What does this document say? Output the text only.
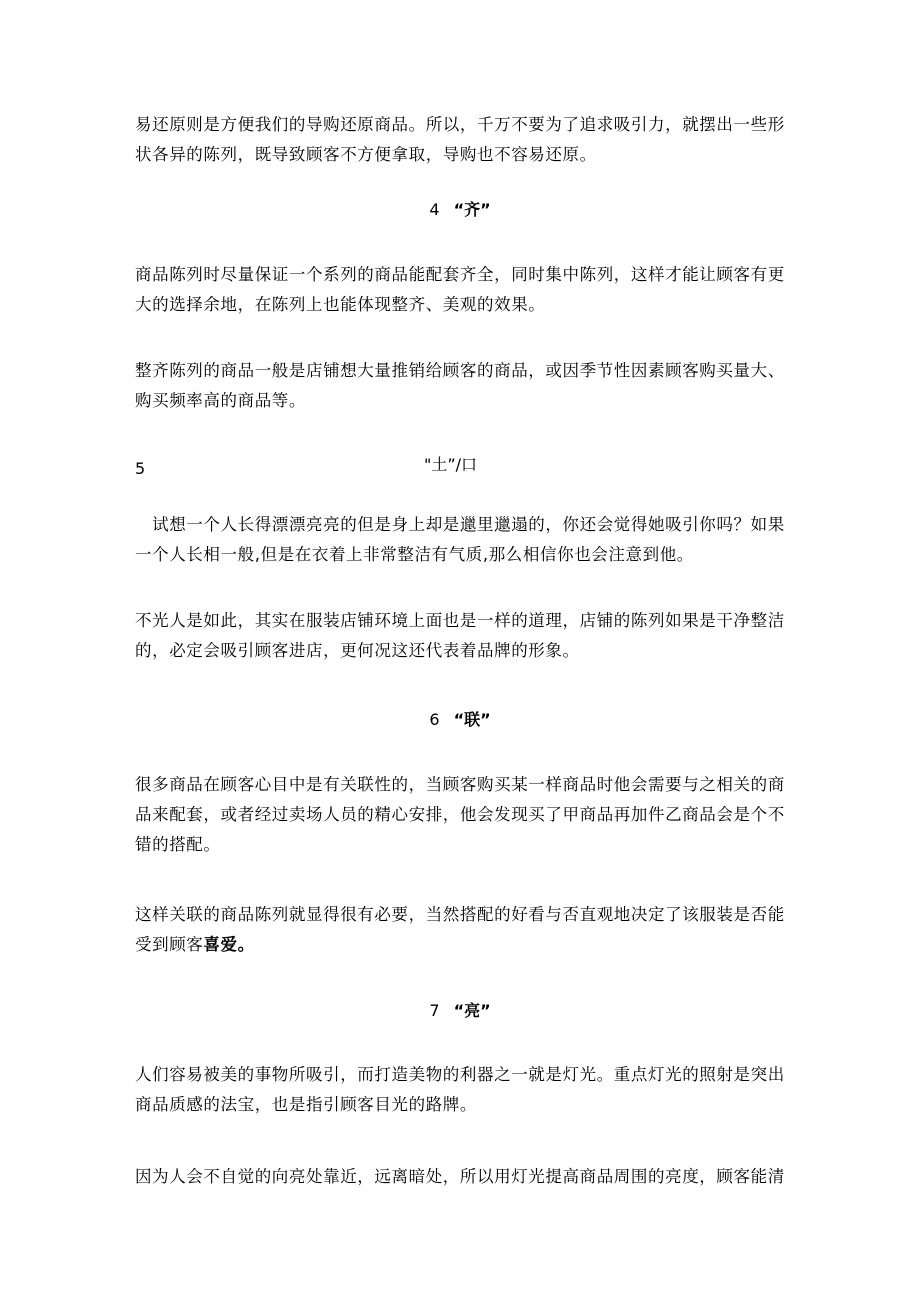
易还原则是方便我们的导购还原商品。所以，千万不要为了追求吸引力，就摆出一些形
状各异的陈列，既导致顾客不方便拿取，导购也不容易还原。
4 “齐”
商品陈列时尽量保证一个系列的商品能配套齐全，同时集中陈列，这样才能让顾客有更
大的选择余地，在陈列上也能体现整齐、美观的效果。
整齐陈列的商品一般是店铺想大量推销给顾客的商品，或因季节性因素顾客购买量大、
购买频率高的商品等。
5	"土”/口
　试想一个人长得漂漂亮亮的但是身上却是邋里邋遢的，你还会觉得她吸引你吗？如果
一个人长相一般,但是在衣着上非常整洁有气质,那么相信你也会注意到他。
不光人是如此，其实在服装店铺环境上面也是一样的道理，店铺的陈列如果是干净整洁
的，必定会吸引顾客进店，更何况这还代表着品牌的形象。
6 “联”
很多商品在顾客心目中是有关联性的，当顾客购买某一样商品时他会需要与之相关的商
品来配套，或者经过卖场人员的精心安排，他会发现买了甲商品再加件乙商品会是个不
错的搭配。
这样关联的商品陈列就显得很有必要，当然搭配的好看与否直观地决定了该服装是否能
受到顾客喜爱。
7 “亮”
人们容易被美的事物所吸引，而打造美物的利器之一就是灯光。重点灯光的照射是突出
商品质感的法宝，也是指引顾客目光的路牌。
因为人会不自觉的向亮处靠近，远离暗处，所以用灯光提高商品周围的亮度，顾客能清
